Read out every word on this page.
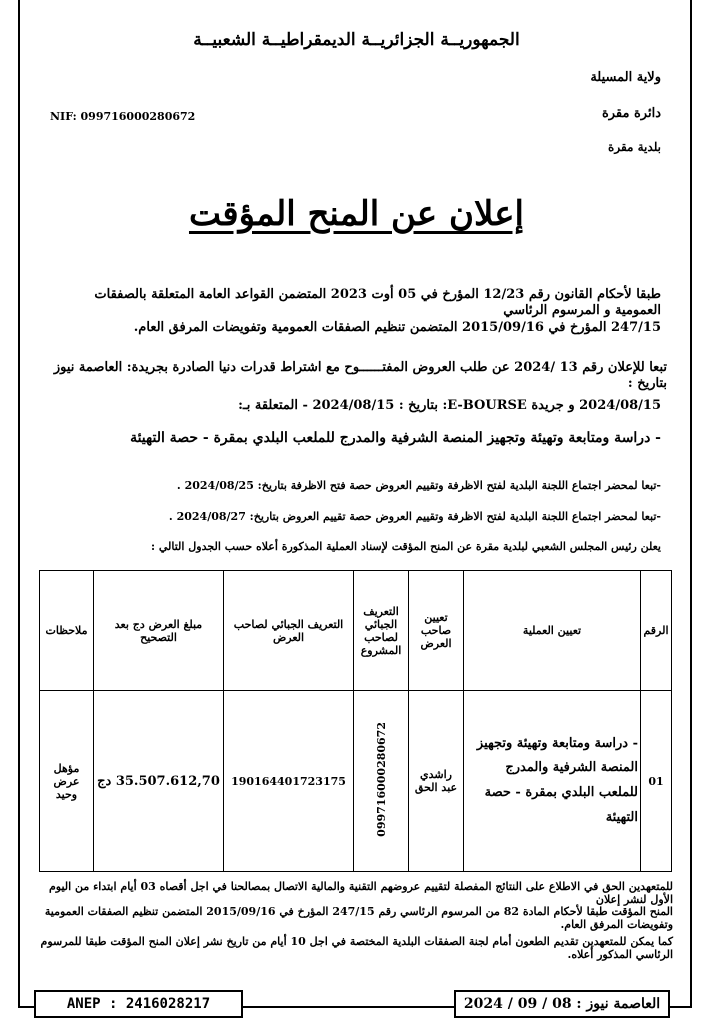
الجمهوريــة الجزائريــة الديمقراطيــة الشعبيــة
ولاية المسيلة
دائرة مقرة
بلدية مقرة
NIF: 099716000280672
إعلان عن المنح المؤقت
طبقا لأحكام القانون رقم 12/23 المؤرخ في 05 أوت 2023 المتضمن القواعد العامة المتعلقة بالصفقات العمومية و المرسوم الرئاسي
247/15 المؤرخ في 2015/09/16 المتضمن تنظيم الصفقات العمومية وتفويضات المرفق العام.
تبعا للإعلان رقم 13 /2024 عن طلب العروض المفتــــــوح مع اشتراط قدرات دنيا الصادرة بجريدة: العاصمة نيوز بتاريخ :
2024/08/15 و جريدة E-BOURSE: بتاريخ : 2024/08/15 - المتعلقة بـ:
- دراسة ومتابعة وتهيئة وتجهيز المنصة الشرفية والمدرج للملعب البلدي بمقرة - حصة التهيئة
-تبعا لمحضر اجتماع اللجنة البلدية لفتح الاظرفة وتقييم العروض حصة فتح الاظرفة بتاريخ: 2024/08/25 .
-تبعا لمحضر اجتماع اللجنة البلدية لفتح الاظرفة وتقييم العروض حصة تقييم العروض بتاريخ: 2024/08/27 .
يعلن رئيس المجلس الشعبي لبلدية مقرة عن المنح المؤقت لإسناد العملية المذكورة أعلاه حسب الجدول التالي :
الرقم	تعيين العملية	تعيين صاحب العرض	التعريف الجبائي لصاحب المشروع	التعريف الجبائي لصاحب العرض	مبلغ العرض دج بعد التصحيح	ملاحظات
01	- دراسة ومتابعة وتهيئة وتجهيز المنصة الشرفية والمدرج للملعب البلدي بمقرة - حصة التهيئة	راشدي عبد الحق	099716000280672	190164401723175	35.507.612,70 دج	مؤهل عرض وحيد
للمتعهدين الحق في الاطلاع على النتائج المفصلة لتقييم عروضهم التقنية والمالية الاتصال بمصالحنا في اجل أقصاه 03 أيام ابتداء من اليوم الأول لنشر إعلان
المنح المؤقت طبقا لأحكام المادة 82 من المرسوم الرئاسي رقم 247/15 المؤرخ في 2015/09/16 المتضمن تنظيم الصفقات العمومية وتفويضات المرفق العام.
كما يمكن للمتعهدين تقديم الطعون أمام لجنة الصفقات البلدية المختصة في اجل 10 أيام من تاريخ نشر إعلان المنح المؤقت طبقا للمرسوم الرئاسي المذكور أعلاه.
ANEP : 2416028217	العاصمة نيوز : 08 / 09 / 2024
